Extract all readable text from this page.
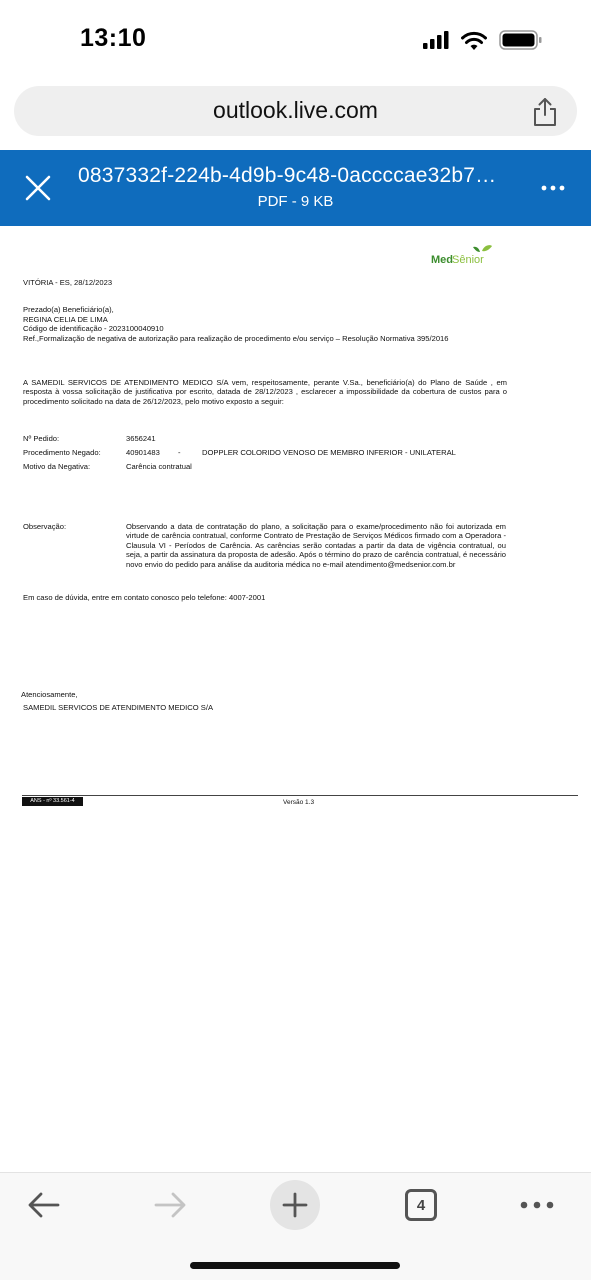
13:10
outlook.live.com
0837332f-224b-4d9b-9c48-0accccae32b7…
PDF - 9 KB
Med Sênior
VITÓRIA - ES, 28/12/2023
Prezado(a) Beneficiário(a),
REGINA CELIA DE LIMA
Código de identificação - 2023100040910
Ref.,Formalização de negativa de autorização para realização de procedimento e/ou serviço – Resolução Normativa 395/2016
A SAMEDIL SERVICOS DE ATENDIMENTO MEDICO S/A vem, respeitosamente, perante V.Sa., beneficiário(a) do Plano de Saúde , em resposta à vossa solicitação de justificativa por escrito, datada de 28/12/2023 , esclarecer a impossibilidade da cobertura de custos para o procedimento solicitado na data de 26/12/2023, pelo motivo exposto a seguir:
Nº Pedido:	3656241
Procedimento Negado:	40901483 -	DOPPLER COLORIDO VENOSO DE MEMBRO INFERIOR - UNILATERAL
Motivo da Negativa:	Carência contratual
Observação:	Observando a data de contratação do plano, a solicitação para o exame/procedimento não foi autorizada em virtude de carência contratual, conforme Contrato de Prestação de Serviços Médicos firmado com a Operadora - Clausula VI - Períodos de Carência. As carências serão contadas a partir da data de vigência contratual, ou seja, a partir da assinatura da proposta de adesão. Após o término do prazo de carência contratual, é necessário novo envio do pedido para análise da auditoria médica no e-mail atendimento@medsenior.com.br
Em caso de dúvida, entre em contato conosco pelo telefone: 4007-2001
Atenciosamente,
SAMEDIL SERVICOS DE ATENDIMENTO MEDICO S/A
ANS - nº 33.561-4	Versão 1.3
4
